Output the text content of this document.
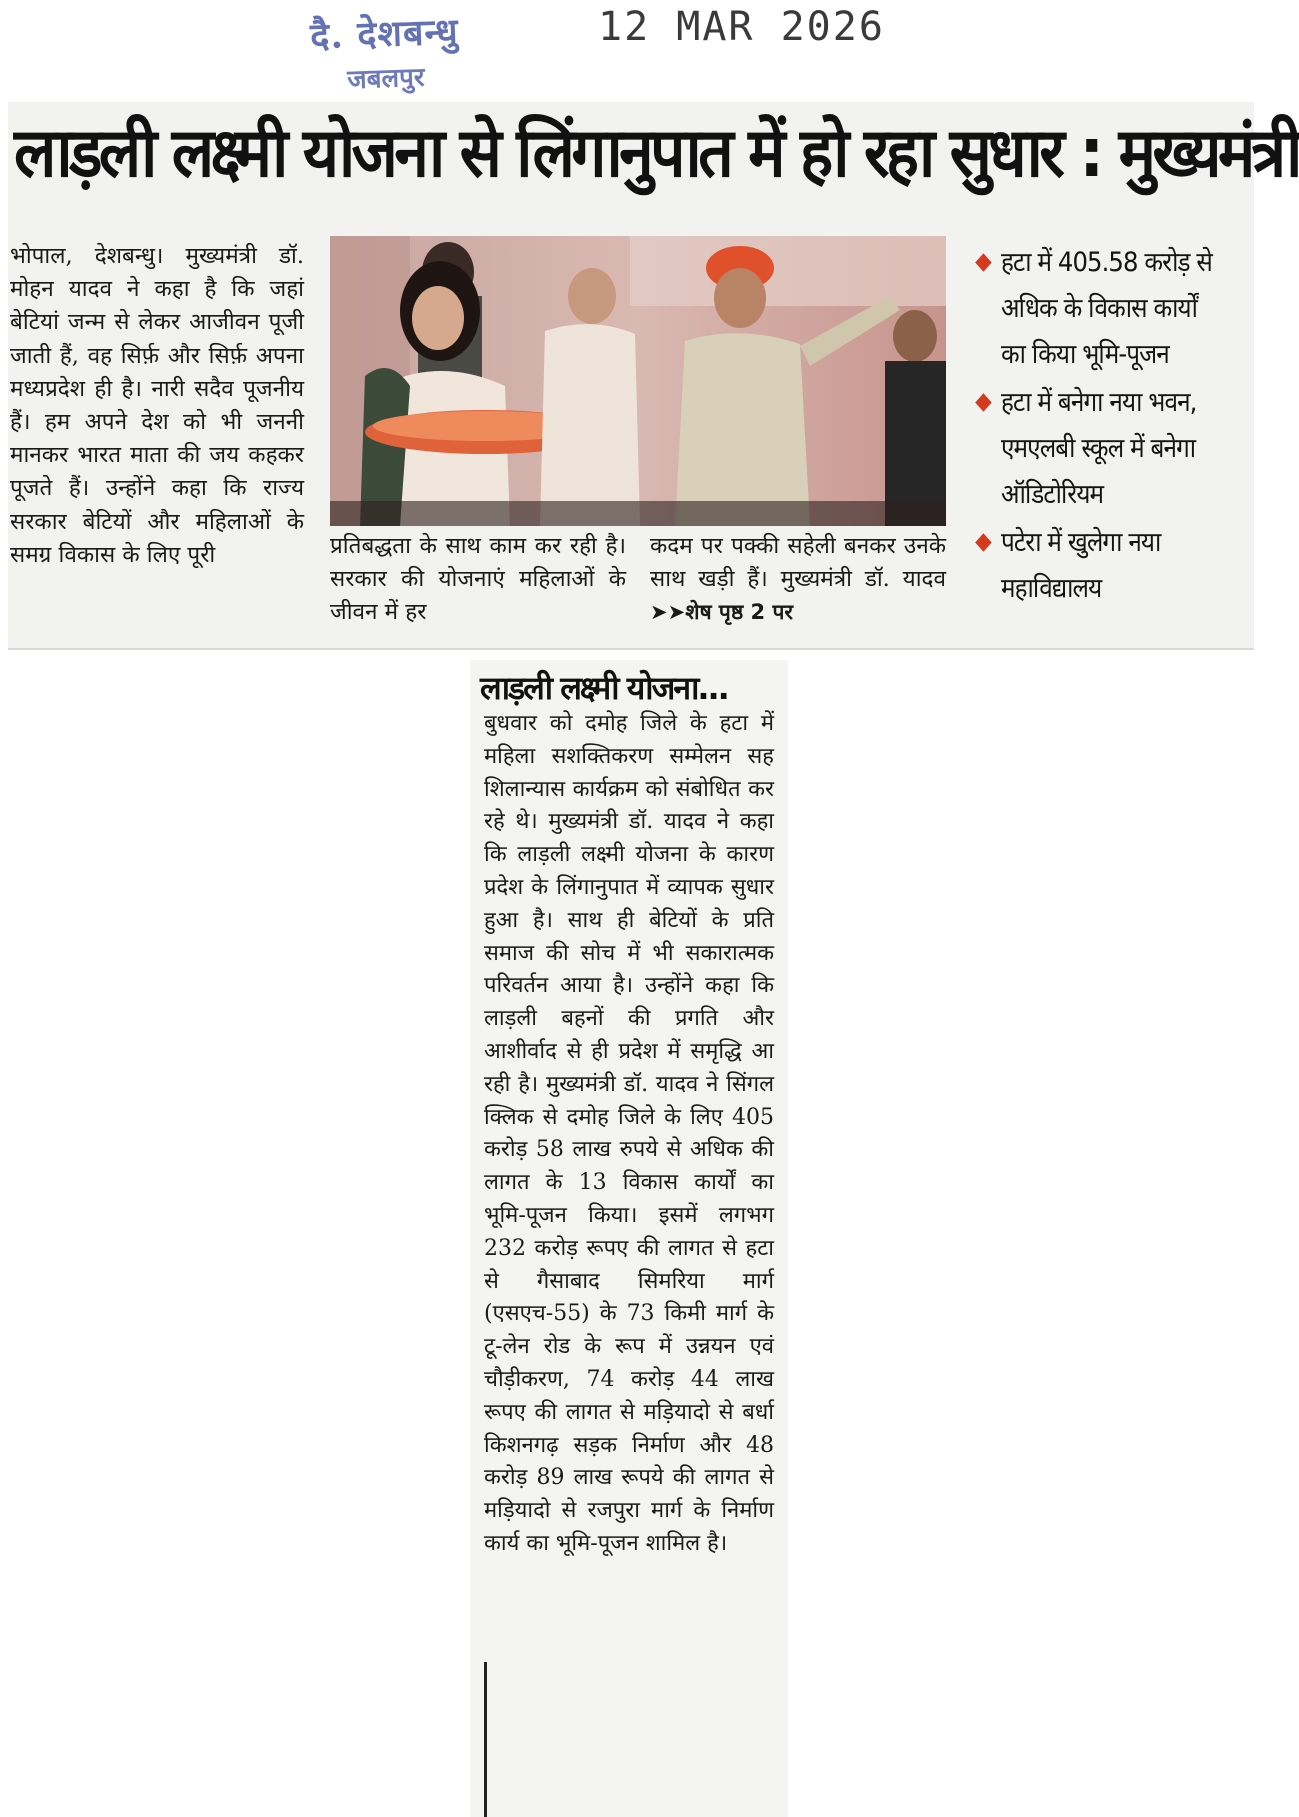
दै. देशबन्धु
जबलपुर
12 MAR 2026
लाड़ली लक्ष्मी योजना से लिंगानुपात में हो रहा सुधार : मुख्यमंत्री
भोपाल, देशबन्धु। मुख्यमंत्री डॉ. मोहन यादव ने कहा है कि जहां बेटियां जन्म से लेकर आजीवन पूजी जाती हैं, वह सिर्फ़ और सिर्फ़ अपना मध्यप्रदेश ही है। नारी सदैव पूजनीय हैं। हम अपने देश को भी जननी मानकर भारत माता की जय कहकर पूजते हैं। उन्होंने कहा कि राज्य सरकार बेटियों और महिलाओं के समग्र विकास के लिए पूरी	प्रतिबद्धता के साथ काम कर रही है। सरकार की योजनाएं महिलाओं के जीवन में हर
कदम पर पक्की सहेली बनकर उनके साथ खड़ी हैं। मुख्यमंत्री डॉ. यादव ➤➤शेष पृष्ठ 2 पर
हटा में 405.58 करोड़ से अधिक के विकास कार्यों का किया भूमि-पूजन
हटा में बनेगा नया भवन, एमएलबी स्कूल में बनेगा ऑडिटोरियम
पटेरा में खुलेगा नया महाविद्यालय
लाड़ली लक्ष्मी योजना...
बुधवार को दमोह जिले के हटा में महिला सशक्तिकरण सम्मेलन सह शिलान्यास कार्यक्रम को संबोधित कर रहे थे। मुख्यमंत्री डॉ. यादव ने कहा कि लाड़ली लक्ष्मी योजना के कारण प्रदेश के लिंगानुपात में व्यापक सुधार हुआ है। साथ ही बेटियों के प्रति समाज की सोच में भी सकारात्मक परिवर्तन आया है। उन्होंने कहा कि लाड़ली बहनों की प्रगति और आशीर्वाद से ही प्रदेश में समृद्धि आ रही है। मुख्यमंत्री डॉ. यादव ने सिंगल क्लिक से दमोह जिले के लिए 405 करोड़ 58 लाख रुपये से अधिक की लागत के 13 विकास कार्यों का भूमि-पूजन किया। इसमें लगभग 232 करोड़ रूपए की लागत से हटा से गैसाबाद सिमरिया मार्ग (एसएच-55) के 73 किमी मार्ग के टू-लेन रोड के रूप में उन्नयन एवं चौड़ीकरण, 74 करोड़ 44 लाख रूपए की लागत से मड़ियादो से बर्धा किशनगढ़ सड़क निर्माण और 48 करोड़ 89 लाख रूपये की लागत से मड़ियादो से रजपुरा मार्ग के निर्माण कार्य का भूमि-पूजन शामिल है।
